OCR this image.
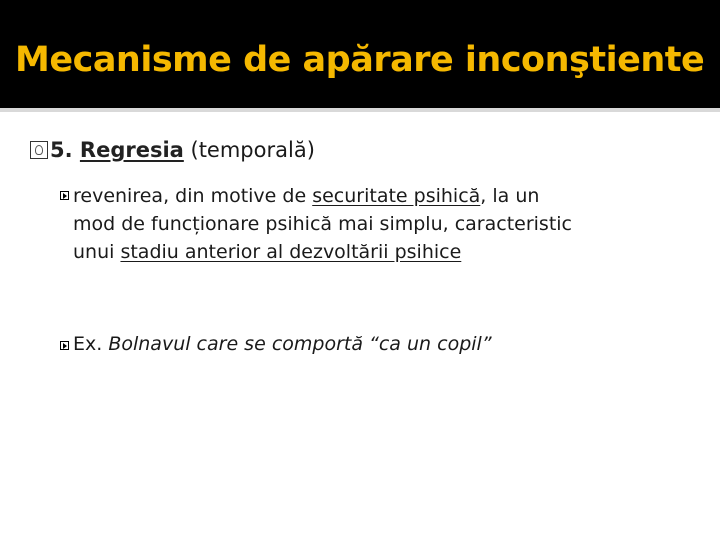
Mecanisme de apărare inconştiente
5. Regresia (temporală)
revenirea, din motive de securitate psihică, la un
mod de funcționare psihică mai simplu, caracteristic
unui stadiu anterior al dezvoltării psihice
Ex. Bolnavul care se comportă “ca un copil”
